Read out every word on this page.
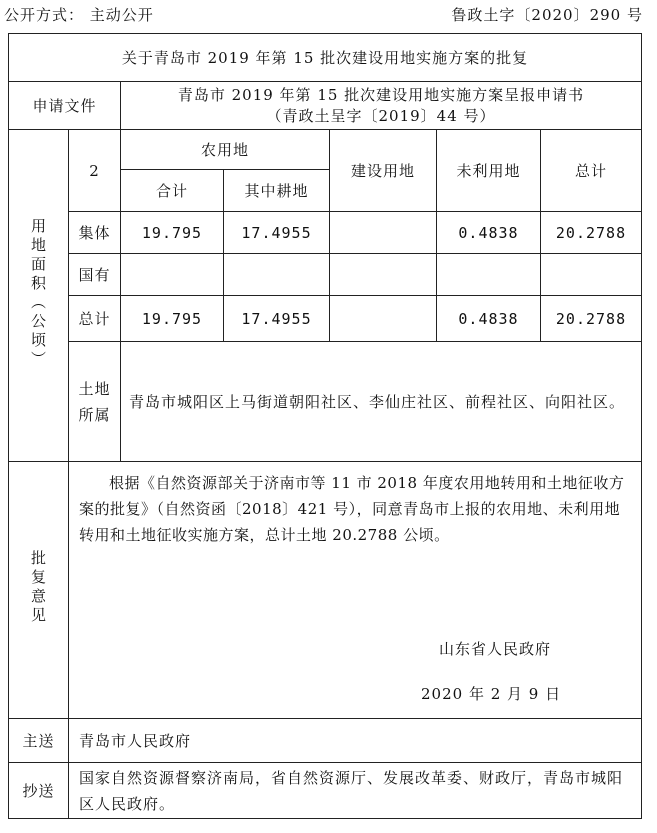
公开方式： 主动公开	鲁政土字〔2020〕290 号
关于青岛市 2019 年第 15 批次建设用地实施方案的批复						
申请文件		青岛市 2019 年第 15 批次建设用地实施方案呈报申请书
（青政土呈字〔2019〕44 号）				

用地面积（公顷）	2	农用地		建设用地	未利用地	总计
		合计	其中耕地			
	集体	19.795	17.4955		0.4838	20.2788
	国有					
	总计	19.795	17.4955		0.4838	20.2788

	土地所属	青岛市城阳区上马街道朝阳社区、李仙庄社区、前程社区、向阳社区。				

批复意见	根据《自然资源部关于济南市等 11 市 2018 年度农用地转用和土地征收方案的批复》（自然资函〔2018〕421 号），同意青岛市上报的农用地、未利用地转用和土地征收实施方案，总计土地 20.2788 公顷。

山东省人民政府
2020 年 2 月 9 日					

主送	青岛市人民政府					
抄送	国家自然资源督察济南局，省自然资源厅、发展改革委、财政厅，青岛市城阳区人民政府。					
